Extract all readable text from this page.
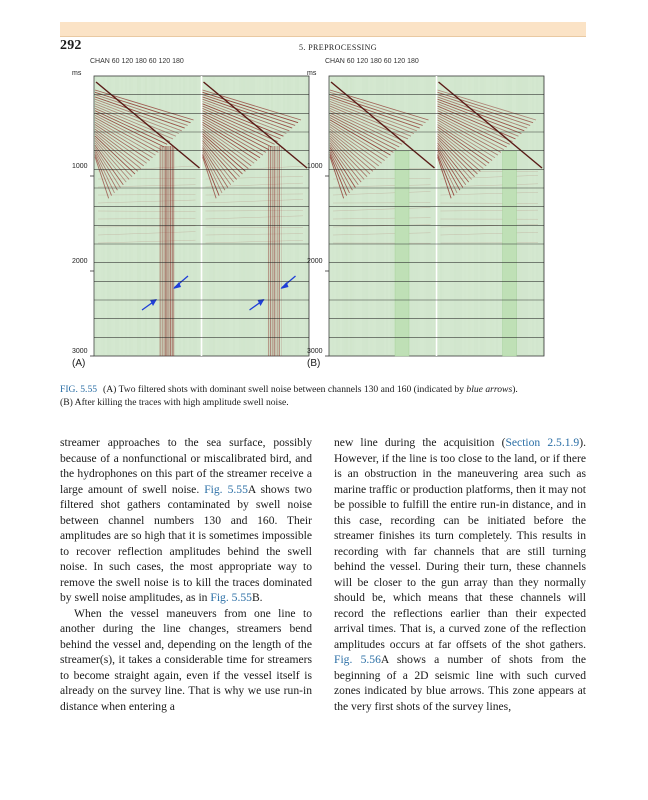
292	5. PREPROCESSING
CHAN 60 120 180 60 120 180
ms
1000
2000
3000
(A)
CHAN 60 120 180 60 120 180
ms
1000
2000
3000
(B)
FIG. 5.55 (A) Two filtered shots with dominant swell noise between channels 130 and 160 (indicated by blue arrows).
(B) After killing the traces with high amplitude swell noise.

streamer approaches to the sea surface, possibly because of a nonfunctional or miscalibrated bird, and the hydrophones on this part of the streamer receive a large amount of swell noise. Fig. 5.55A shows two filtered shot gathers contaminated by swell noise between channel numbers 130 and 160. Their amplitudes are so high that it is sometimes impossible to recover reflection amplitudes behind the swell noise. In such cases, the most appropriate way to remove the swell noise is to kill the traces dominated by swell noise amplitudes, as in Fig. 5.55B.

When the vessel maneuvers from one line to another during the line changes, streamers bend behind the vessel and, depending on the length of the streamer(s), it takes a considerable time for streamers to become straight again, even if the vessel itself is already on the survey line. That is why we use run-in distance when entering a

new line during the acquisition (Section 2.5.1.9). However, if the line is too close to the land, or if there is an obstruction in the maneuvering area such as marine traffic or production platforms, then it may not be possible to fulfill the entire run-in distance, and in this case, recording can be initiated before the streamer finishes its turn completely. This results in recording with far channels that are still turning behind the vessel. During their turn, these channels will be closer to the gun array than they normally should be, which means that these channels will record the reflections earlier than their expected arrival times. That is, a curved zone of the reflection amplitudes occurs at far offsets of the shot gathers. Fig. 5.56A shows a number of shots from the beginning of a 2D seismic line with such curved zones indicated by blue arrows. This zone appears at the very first shots of the survey lines,
